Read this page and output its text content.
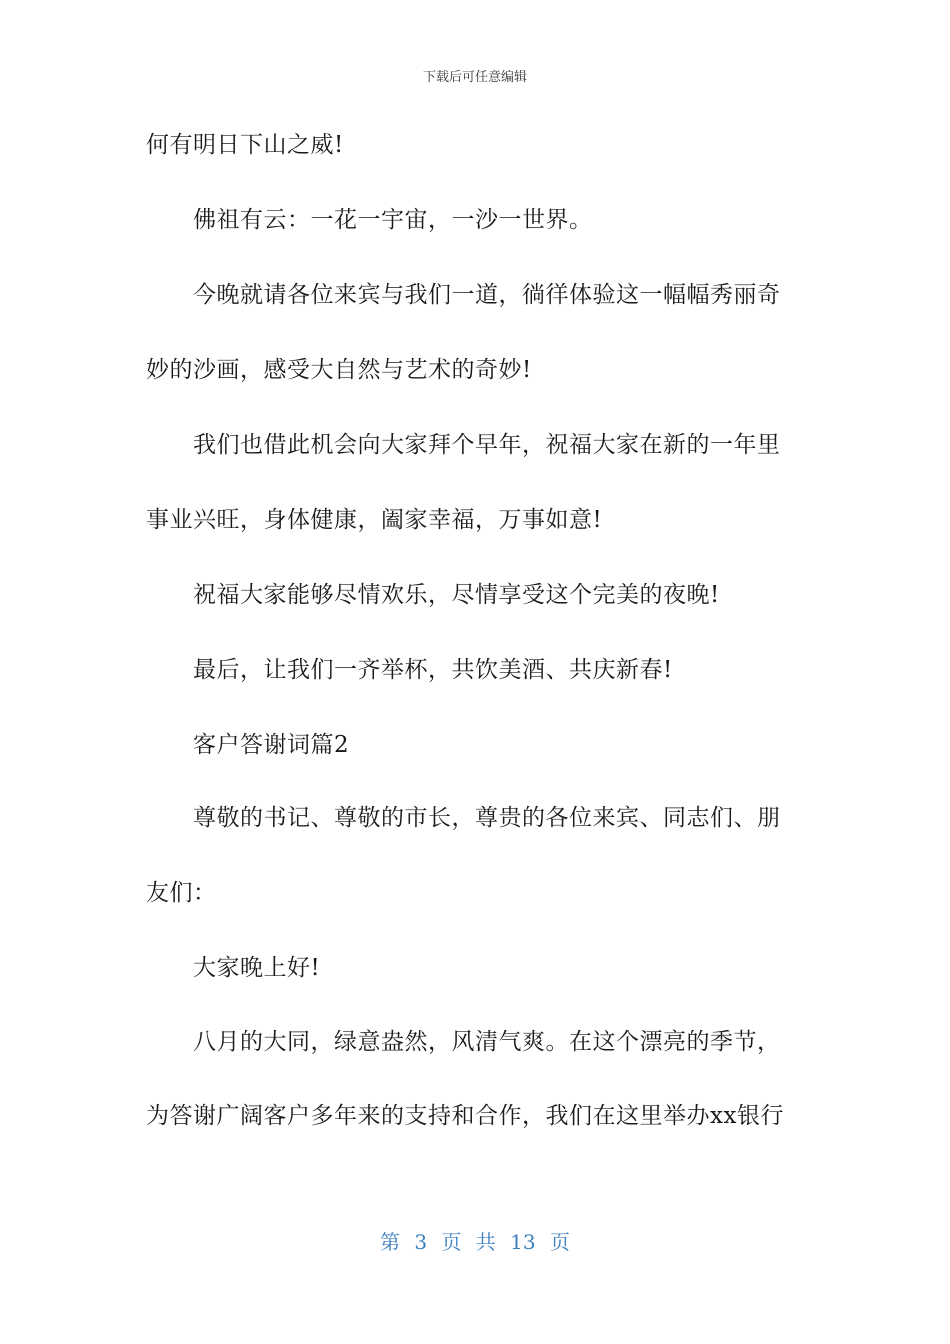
下载后可任意编辑
何有明日下山之威!
佛祖有云：一花一宇宙，一沙一世界。
今晚就请各位来宾与我们一道，徜徉体验这一幅幅秀丽奇
妙的沙画，感受大自然与艺术的奇妙!
我们也借此机会向大家拜个早年，祝福大家在新的一年里
事业兴旺，身体健康，阖家幸福，万事如意!
祝福大家能够尽情欢乐，尽情享受这个完美的夜晚!
最后，让我们一齐举杯，共饮美酒、共庆新春!
客户答谢词篇2
尊敬的书记、尊敬的市长，尊贵的各位来宾、同志们、朋
友们：
大家晚上好!
八月的大同，绿意盎然，风清气爽。在这个漂亮的季节，
为答谢广阔客户多年来的支持和合作，我们在这里举办xx银行
第 3 页 共 13 页
